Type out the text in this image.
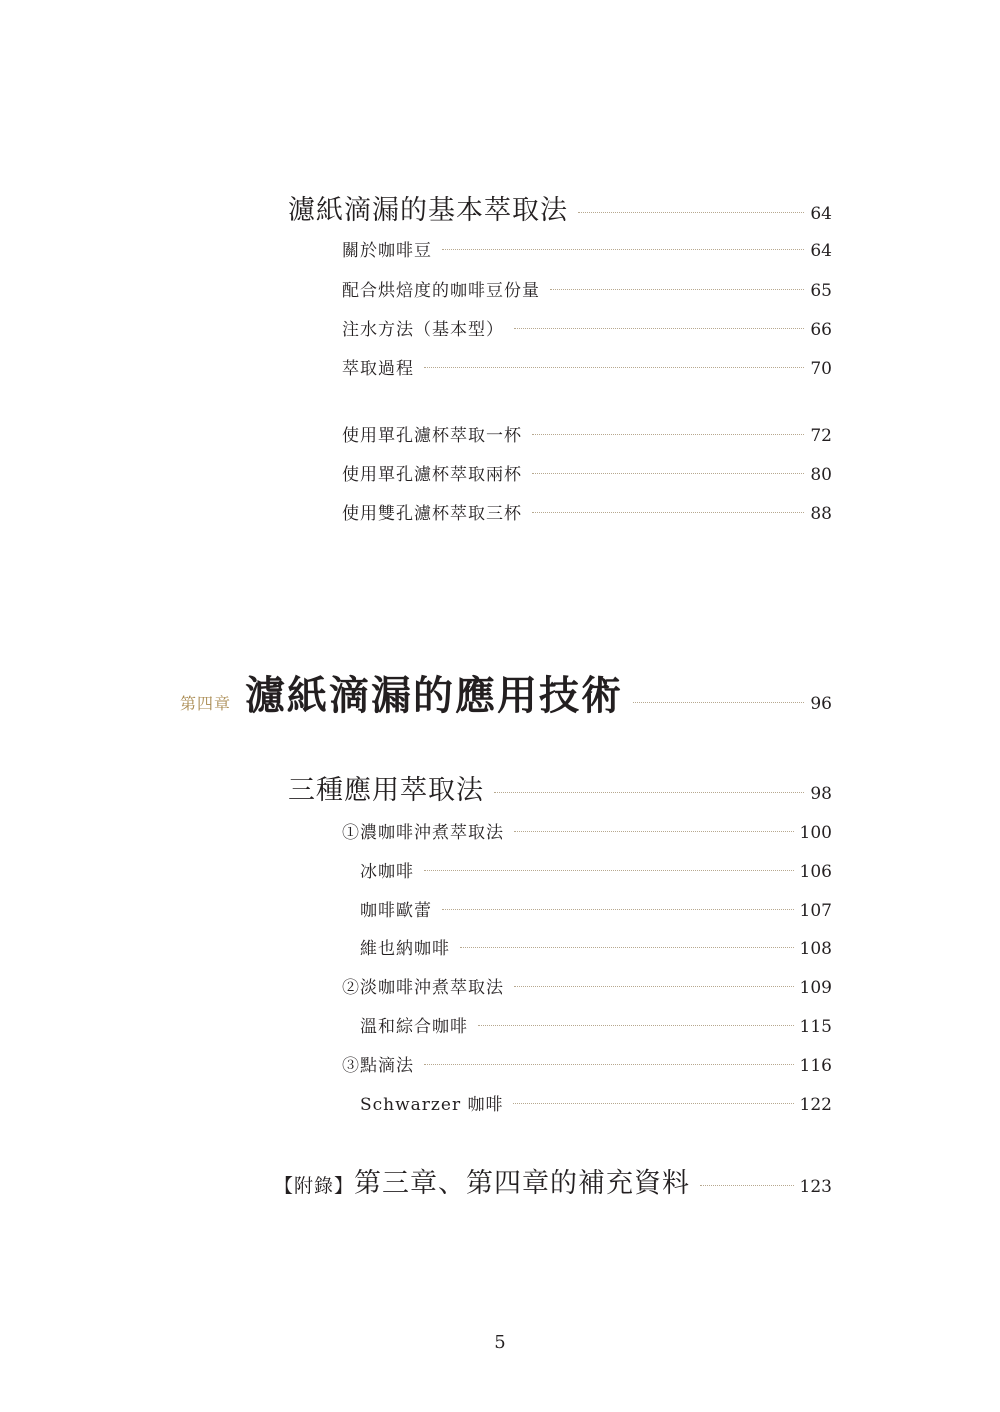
濾紙滴漏的基本萃取法	64
關於咖啡豆	64
配合烘焙度的咖啡豆份量	65
注水方法（基本型）	66
萃取過程	70
使用單孔濾杯萃取一杯	72
使用單孔濾杯萃取兩杯	80
使用雙孔濾杯萃取三杯	88
第四章 濾紙滴漏的應用技術	96
三種應用萃取法	98
①濃咖啡沖煮萃取法	100
冰咖啡	106
咖啡歐蕾	107
維也納咖啡	108
②淡咖啡沖煮萃取法	109
溫和綜合咖啡	115
③點滴法	116
Schwarzer 咖啡	122
【附錄】 第三章、第四章的補充資料	123
5
